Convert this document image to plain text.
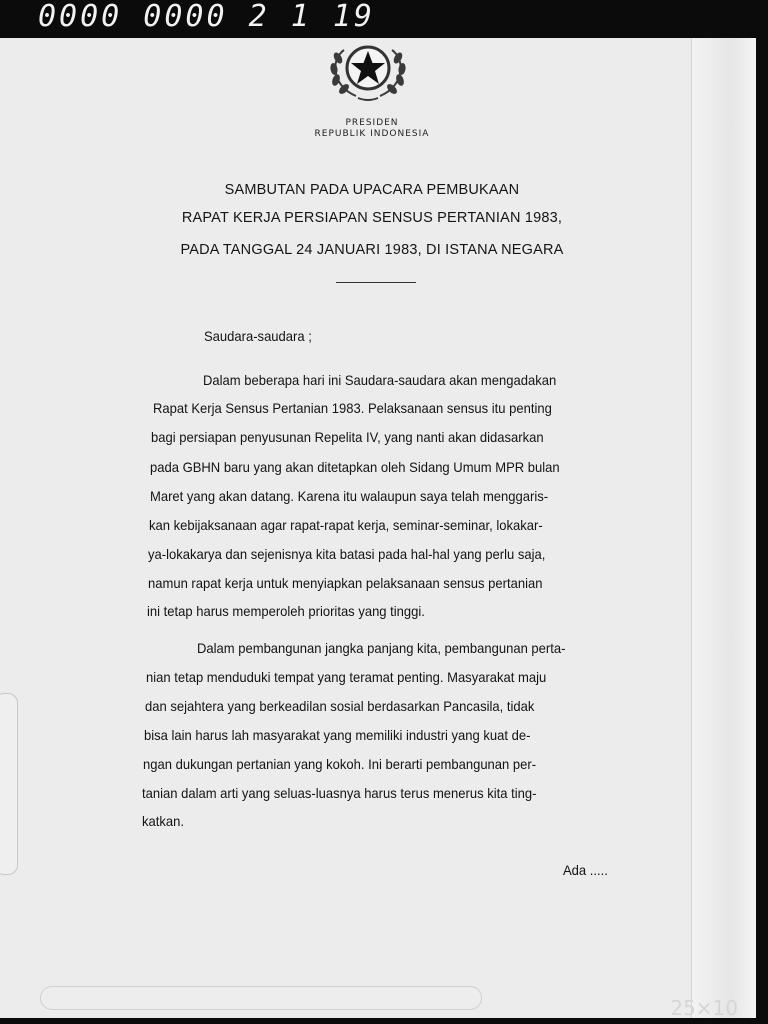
0000 0000 2 1 19
PRESIDEN
REPUBLIK INDONESIA
SAMBUTAN PADA UPACARA PEMBUKAAN
RAPAT KERJA PERSIAPAN SENSUS PERTANIAN 1983,
PADA TANGGAL 24 JANUARI 1983, DI ISTANA NEGARA
Saudara-saudara ;
Dalam beberapa hari ini Saudara-saudara akan mengadakan
Rapat Kerja Sensus Pertanian 1983. Pelaksanaan sensus itu penting
bagi persiapan penyusunan Repelita IV, yang nanti akan didasarkan
pada GBHN baru yang akan ditetapkan oleh Sidang Umum MPR bulan
Maret yang akan datang. Karena itu walaupun saya telah menggaris-
kan kebijaksanaan agar rapat-rapat kerja, seminar-seminar, lokakar-
ya-lokakarya dan sejenisnya kita batasi pada hal-hal yang perlu saja,
namun rapat kerja untuk menyiapkan pelaksanaan sensus pertanian
ini tetap harus memperoleh prioritas yang tinggi.
Dalam pembangunan jangka panjang kita, pembangunan perta-
nian tetap menduduki tempat yang teramat penting. Masyarakat maju
dan sejahtera yang berkeadilan sosial berdasarkan Pancasila, tidak
bisa lain harus lah masyarakat yang memiliki industri yang kuat de-
ngan dukungan pertanian yang kokoh. Ini berarti pembangunan per-
tanian dalam arti yang seluas-luasnya harus terus menerus kita ting-
katkan.
Ada .....
25×10
